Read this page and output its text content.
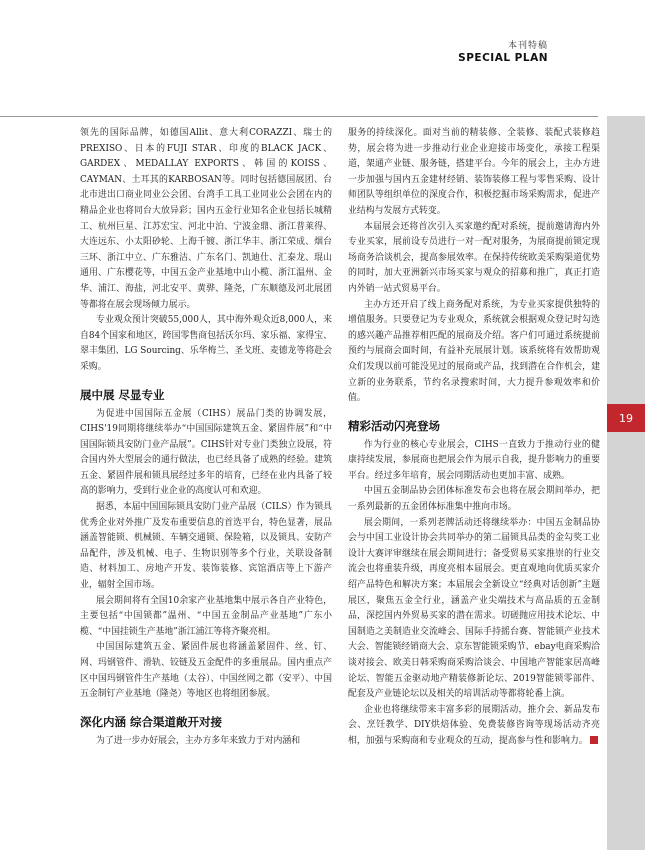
本刊特稿
SPECIAL PLAN
19

领先的国际品牌，如德国Allit、意大利CORAZZI、瑞士的PREXISO、日本的FUJI STAR、印度的BLACK JACK、GARDEX、MEDALLAY EXPORTS、韩国的KOISS、CAYMAN、土耳其的KARBOSAN等。同时包括德国展团、台北市进出口商业同业公会团、台湾手工具工业同业公会团在内的精品企业也将同台大放异彩；国内五金行业知名企业包括长城精工、杭州巨星、江苏宏宝、河北中泊、宁波金鼎、浙江普莱得、大连远东、小太阳砂轮、上海千镀、浙江华丰、浙江荣成、烟台三环、浙江中立、广东雅洁、广东名门、凯迪仕、汇泰龙、琨山通用、广东樱花等，中国五金产业基地中山小榄、浙江温州、金华、浦江、海盐，河北安平、黄骅、隆尧，广东顺德及河北展团等都将在展会现场倾力展示。

专业观众预计突破55,000人，其中海外观众近8,000人，来自84个国家和地区，跨国零售商包括沃尔玛、家乐福、家得宝、翠丰集团、LG Sourcing、乐华梅兰、圣戈班、麦德龙等将赴会采购。

展中展 尽显专业

为促进中国国际五金展（CIHS）展品门类的协调发展，CIHS'19同期将继续举办“中国国际建筑五金、紧固件展”和“中国国际锁具安防门业产品展”。CIHS针对专业门类独立设展，符合国内外大型展会的通行做法，也已经具备了成熟的经验。建筑五金、紧固件展和锁具展经过多年的培育，已经在业内具备了较高的影响力，受到行业企业的高度认可和欢迎。

据悉，本届中国国际锁具安防门业产品展（CILS）作为锁具优秀企业对外推广及发布重要信息的首选平台，特色显著，展品涵盖智能锁、机械锁、车辆交通锁、保险箱，以及锁具、安防产品配件，涉及机械、电子、生物识别等多个行业，关联设备制造、材料加工、房地产开发、装饰装修、宾馆酒店等上下游产业，辐射全国市场。

展会期间将有全国10余家产业基地集中展示各自产业特色，主要包括“中国锁都”温州、“中国五金制品产业基地”广东小榄、“中国挂锁生产基地”浙江浦江等将齐聚亮相。

中国国际建筑五金、紧固件展也将涵盖紧固件、丝、钉、网、玛钢管件、滑轨、铰链及五金配件的多重展品。国内重点产区中国玛钢管件生产基地（太谷）、中国丝网之都（安平）、中国五金制钉产业基地（隆尧）等地区也将组团参展。

深化内涵 综合渠道敞开对接

为了进一步办好展会，主办方多年来致力于对内涵和

服务的持续深化。面对当前的精装修、全装修、装配式装修趋势，展会将为进一步推动行业企业迎接市场变化，承接工程渠道，架通产业链、服务链，搭建平台。今年的展会上，主办方进一步加强与国内五金建材经销、装饰装修工程与零售采购、设计师团队等组织单位的深度合作，积极挖掘市场采购需求，促进产业结构与发展方式转变。

本届展会还将首次引入买家邀约配对系统，提前邀请海内外专业买家，展前设专员进行一对一配对服务，为展商提前锁定现场商务洽谈机会，提高参展效率。在保持传统欧美采购渠道优势的同时，加大亚洲新兴市场买家与观众的招募和推广，真正打造内外销一站式贸易平台。

主办方还开启了线上商务配对系统，为专业买家提供独特的增值服务。只要登记为专业观众，系统就会根据观众登记时勾选的感兴趣产品推荐相匹配的展商及介绍。客户们可通过系统提前预约与展商会面时间，有益补充展展计划。该系统将有效帮助观众们发现以前可能没见过的展商或产品，找到潜在合作机会，建立新的业务联系，节约名录搜索时间，大力提升参观效率和价值。

精彩活动闪亮登场

作为行业的核心专业展会，CIHS一直致力于推动行业的健康持续发展，参展商也把展会作为展示自我，提升影响力的重要平台。经过多年培育，展会同期活动也更加丰富、成熟。

中国五金制品协会团体标准发布会也将在展会期间举办，把一系列最新的五金团体标准集中推向市场。

展会期间，一系列老牌活动还将继续举办：中国五金制品协会与中国工业设计协会共同举办的第二届锁具品类的金勾奖工业设计大赛评审继续在展会期间进行；备受贸易买家推崇的行业交流会也将重装升级，再度亮相本届展会。更直观地向优质买家介绍产品特色和解决方案；本届展会全新设立“经典对话创新”主题展区，聚焦五金全行业，涵盖产业尖端技术与高品质的五金制品，深挖国内外贸易买家的潜在需求。切磋抛应用技术论坛、中国制造之美制造业交流峰会、国际手持摇台赛、智能锁产业技术大会、智能锁经销商大会、京东智能锁采购节、ebay电商采购洽谈对接会、欧美日韩采购商采购洽谈会、中国地产智能家居高峰论坛、智能五金驱动地产精装修新论坛、2019智能锁零部件、配套及产业链论坛以及相关的培训活动等都将轮番上演。

企业也将继续带来丰富多彩的展期活动，推介会、新品发布会、烹饪教学、DIY烘焙体验、免费装修咨询等现场活动齐亮相，加强与采购商和专业观众的互动，提高参与性和影响力。
